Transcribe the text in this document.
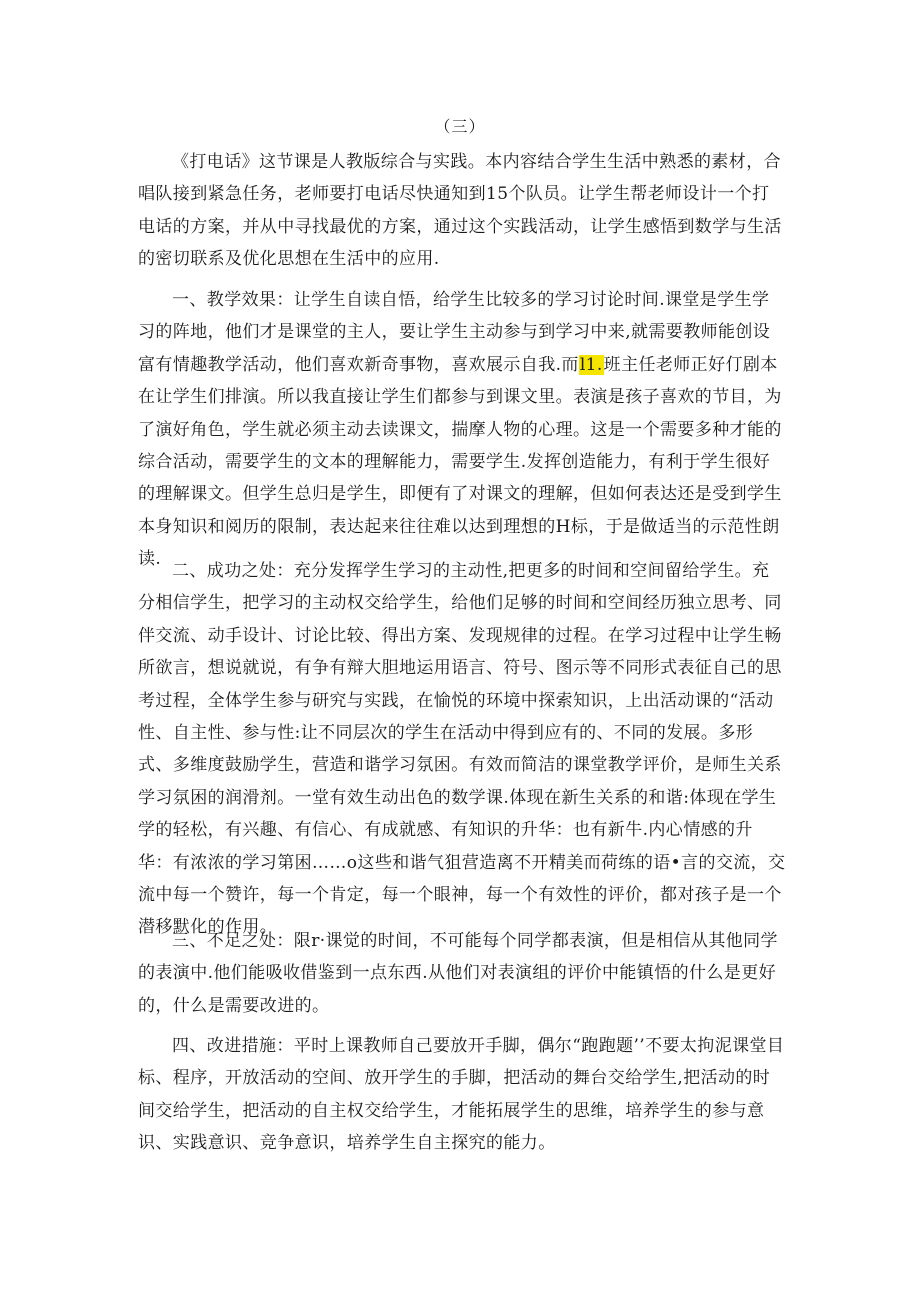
（三）

《打电话》这节课是人教版综合与实践。本内容结合学生生活中熟悉的素材，合唱队接到紧急任务，老师要打电话尽快通知到15个队员。让学生帮老师设计一个打电话的方案，并从中寻找最优的方案，通过这个实践活动，让学生感悟到数学与生活的密切联系及优化思想在生活中的应用.

一、教学效果：让学生自读自悟，给学生比较多的学习讨论时间.课堂是学生学习的阵地，他们才是课堂的主人，要让学生主动参与到学习中来,就需要教师能创设富有情趣教学活动，他们喜欢新奇事物，喜欢展示自我.而l1.班主任老师正好仃剧本在让学生们排演。所以我直接让学生们都参与到课文里。表演是孩子喜欢的节目，为了演好角色，学生就必须主动去读课文，揣摩人物的心理。这是一个需要多种才能的综合活动，需要学生的文本的理解能力，需要学生.发挥创造能力，有利于学生很好的理解课文。但学生总归是学生，即便有了对课文的理解，但如何表达还是受到学生本身知识和阅历的限制，表达起来往往难以达到理想的H标，于是做适当的示范性朗读.

二、成功之处：充分发挥学生学习的主动性,把更多的时间和空间留给学生。充分相信学生，把学习的主动权交给学生，给他们足够的时间和空间经历独立思考、同伴交流、动手设计、讨论比较、得出方案、发现规律的过程。在学习过程中让学生畅所欲言，想说就说，有争有辩大胆地运用语言、符号、图示等不同形式表征自己的思考过程，全体学生参与研究与实践，在愉悦的环境中探索知识，上出活动课的“活动性、自主性、参与性:让不同层次的学生在活动中得到应有的、不同的发展。多形式、多维度鼓励学生，营造和谐学习氛困。有效而简洁的课堂教学评价，是师生关系学习氛困的润滑剂。一堂有效生动出色的数学课.体现在新生关系的和谐:体现在学生学的轻松，有兴趣、有信心、有成就感、有知识的升华：也有新牛.内心情感的升华：有浓浓的学习第困……o这些和谐气狙营造离不开精美而荷练的语•言的交流，交流中每一个赞许，每一个肯定，每一个眼神，每一个有效性的评价，都对孩子是一个潜移默化的作用。

三、不足之处：限r·课觉的时间，不可能每个同学都表演，但是相信从其他同学的表演中.他们能吸收借鉴到一点东西.从他们对表演组的评价中能镇悟的什么是更好的，什么是需要改进的。

四、改进措施：平时上课教师自己要放开手脚，偶尔“跑跑题’’不要太拘泥课堂目标、程序，开放活动的空间、放开学生的手脚，把活动的舞台交给学生,把活动的时间交给学生，把活动的自主权交给学生，才能拓展学生的思维，培养学生的参与意识、实践意识、竞争意识，培养学生自主探究的能力。
